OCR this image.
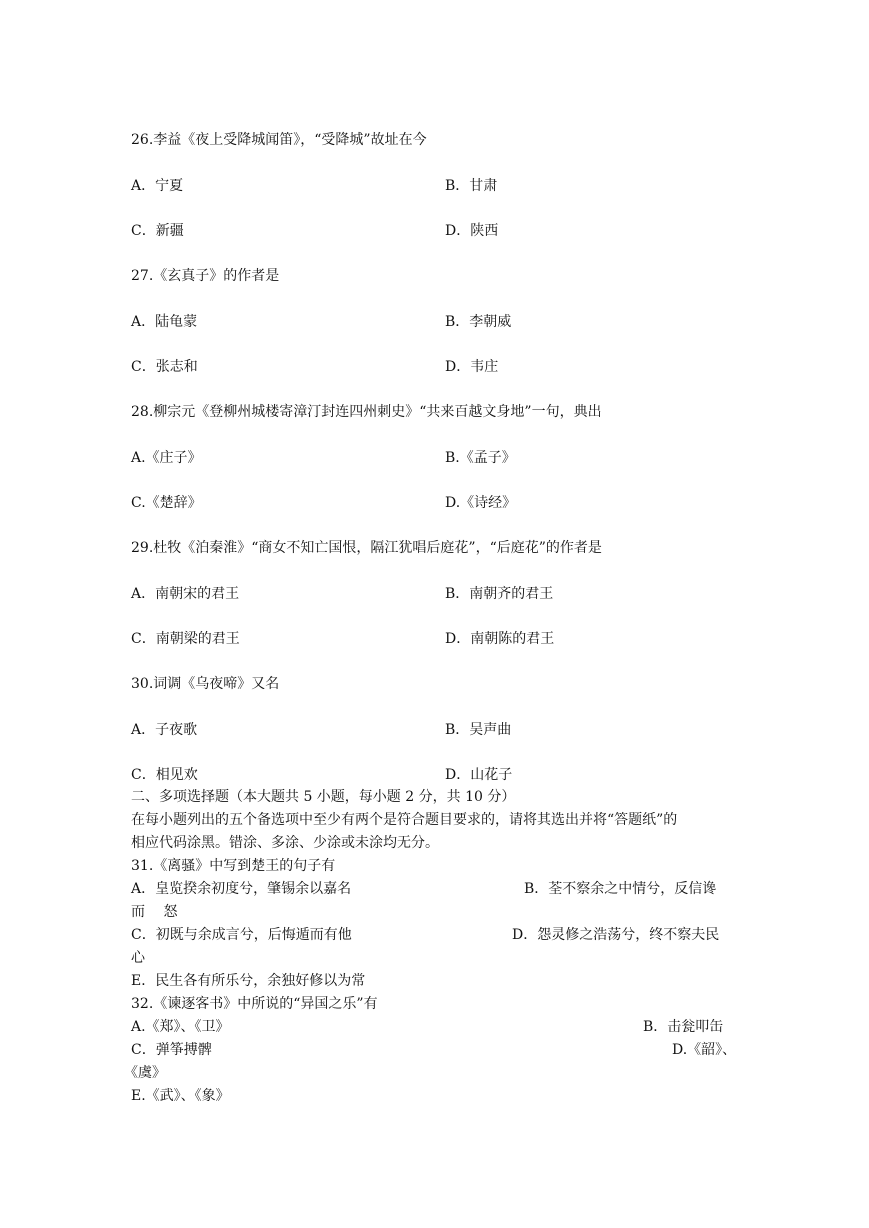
26.李益《夜上受降城闻笛》，“受降城”故址在今
A．宁夏	B．甘肃
C．新疆	D．陕西
27.《玄真子》的作者是
A．陆龟蒙	B．李朝威
C．张志和	D．韦庄
28.柳宗元《登柳州城楼寄漳汀封连四州刺史》“共来百越文身地”一句，典出
A.《庄子》	B.《孟子》
C.《楚辞》	D.《诗经》
29.杜牧《泊秦淮》“商女不知亡国恨，隔江犹唱后庭花”，“后庭花”的作者是
A．南朝宋的君王	B．南朝齐的君王
C．南朝梁的君王	D．南朝陈的君王
30.词调《乌夜啼》又名
A．子夜歌	B．吴声曲
C．相见欢	D．山花子
二、多项选择题（本大题共 5 小题，每小题 2 分，共 10 分）
在每小题列出的五个备选项中至少有两个是符合题目要求的，请将其选出并将“答题纸”的
相应代码涂黑。错涂、多涂、少涂或未涂均无分。
31.《离骚》中写到楚王的句子有
A．皇览揆余初度兮，肇锡余以嘉名	B．荃不察余之中情兮，反信谗
而　 怒
C．初既与余成言兮，后悔遁而有他	D．怨灵修之浩荡兮，终不察夫民
心
E．民生各有所乐兮，余独好修以为常
32.《谏逐客书》中所说的“异国之乐”有
A.《郑》、《卫》	B．击瓮叩缶
C．弹筝搏髀	D.《韶》、
《虞》
E.《武》、《象》
